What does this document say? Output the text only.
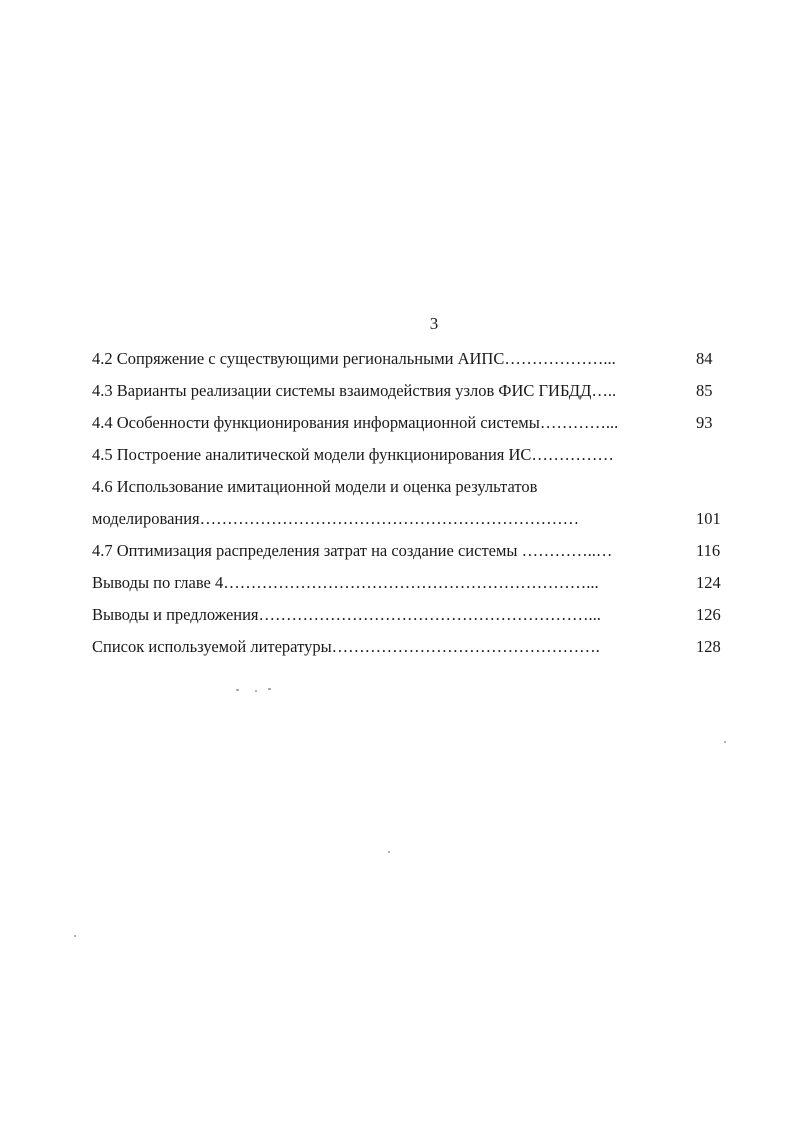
3
4.2 Сопряжение с существующими региональными АИПС………………...	84
4.3 Варианты реализации системы взаимодействия узлов ФИС ГИБДД…..	85
4.4 Особенности функционирования информационной системы…………...	93
4.5 Построение аналитической модели функционирования ИС……………
4.6 Использование имитационной модели и оценка результатов
моделирования……………………………………………………………	101
4.7 Оптимизация распределения затрат на создание системы …………..…	116
Выводы по главе 4…………………………………………………………...	124
Выводы и предложения……………………………………………………...	126
Список используемой литературы………………………………………….	128
